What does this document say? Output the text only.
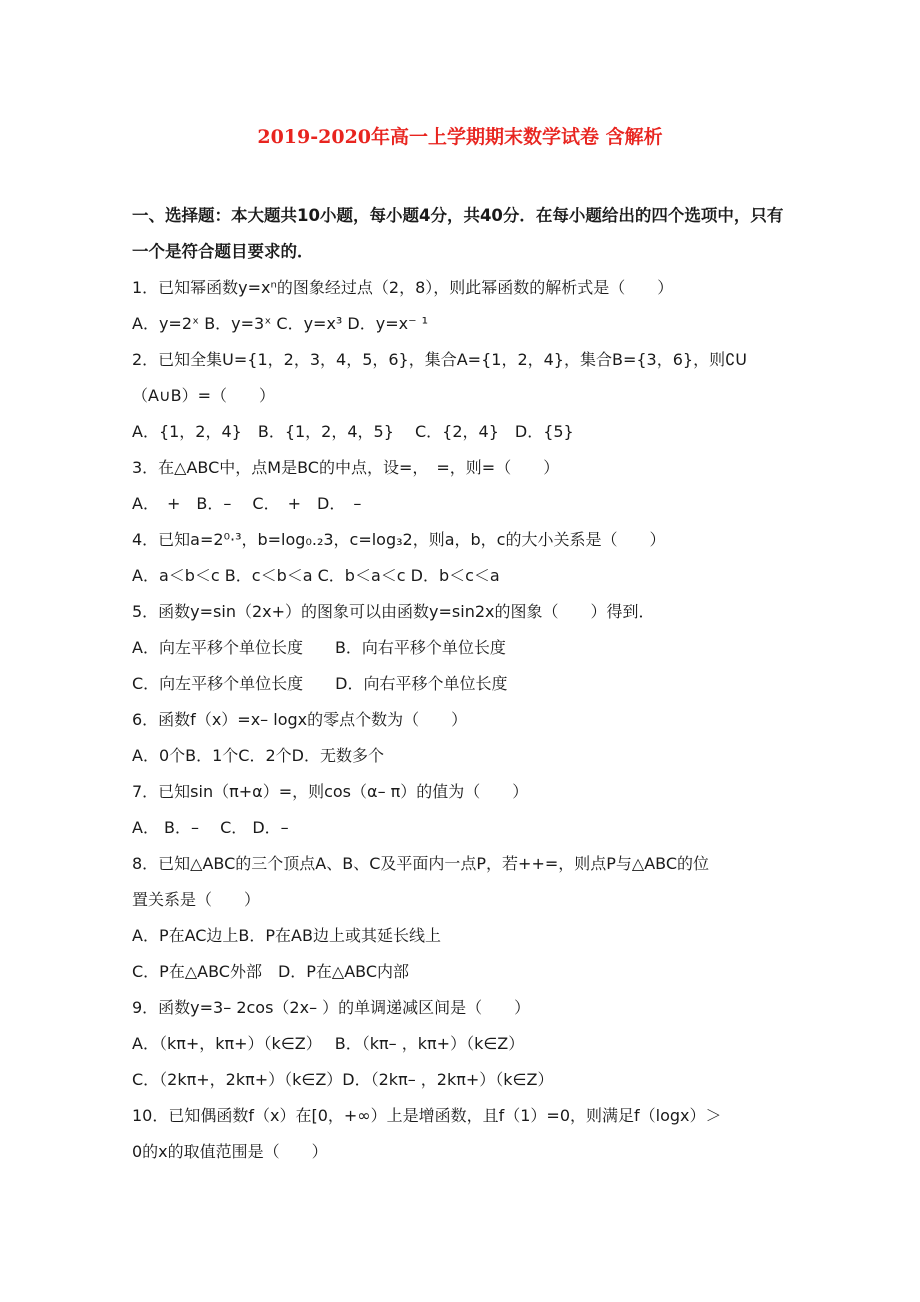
2019-2020年高一上学期期末数学试卷 含解析

一、选择题：本大题共10小题，每小题4分，共40分．在每小题给出的四个选项中，只有一个是符合题目要求的．

1．已知幂函数y=xⁿ的图象经过点（2，8），则此幂函数的解析式是（　　）
A．y=2ˣ B．y=3ˣ C．y=x³ D．y=x⁻ ¹
2．已知全集U={1，2，3，4，5，6}，集合A={1，2，4}，集合B={3，6}，则∁U
（A∪B）=（　　）
A．{1，2，4}　B．{1，2，4，5}　 C．{2，4}　D．{5}
3．在△ABC中，点M是BC的中点，设=，　=，则=（　　）
A．　+　B．–　 C．　+　D．　–
4．已知a=2⁰·³，b=log₀.₂3，c=log₃2，则a，b，c的大小关系是（　　）
A．a＜b＜c B．c＜b＜a C．b＜a＜c D．b＜c＜a
5．函数y=sin（2x+）的图象可以由函数y=sin2x的图象（　　）得到．
A．向左平移个单位长度　　B．向右平移个单位长度
C．向左平移个单位长度　　D．向右平移个单位长度
6．函数f（x）=x– logx的零点个数为（　　）
A．0个B．1个C．2个D．无数多个
7．已知sin（π+α）=，则cos（α– π）的值为（　　）
A． B．–　 C． D．–
8．已知△ABC的三个顶点A、B、C及平面内一点P，若++=，则点P与△ABC的位
置关系是（　　）
A．P在AC边上B．P在AB边上或其延长线上
C．P在△ABC外部　D．P在△ABC内部
9．函数y=3– 2cos（2x– ）的单调递减区间是（　　）
A．（kπ+，kπ+）（k∈Z）　 B．（kπ– ，kπ+）（k∈Z）
C．（2kπ+，2kπ+）（k∈Z）D．（2kπ– ，2kπ+）（k∈Z）
10．已知偶函数f（x）在[0，+∞）上是增函数，且f（1）=0，则满足f（logx）＞
0的x的取值范围是（　　）
